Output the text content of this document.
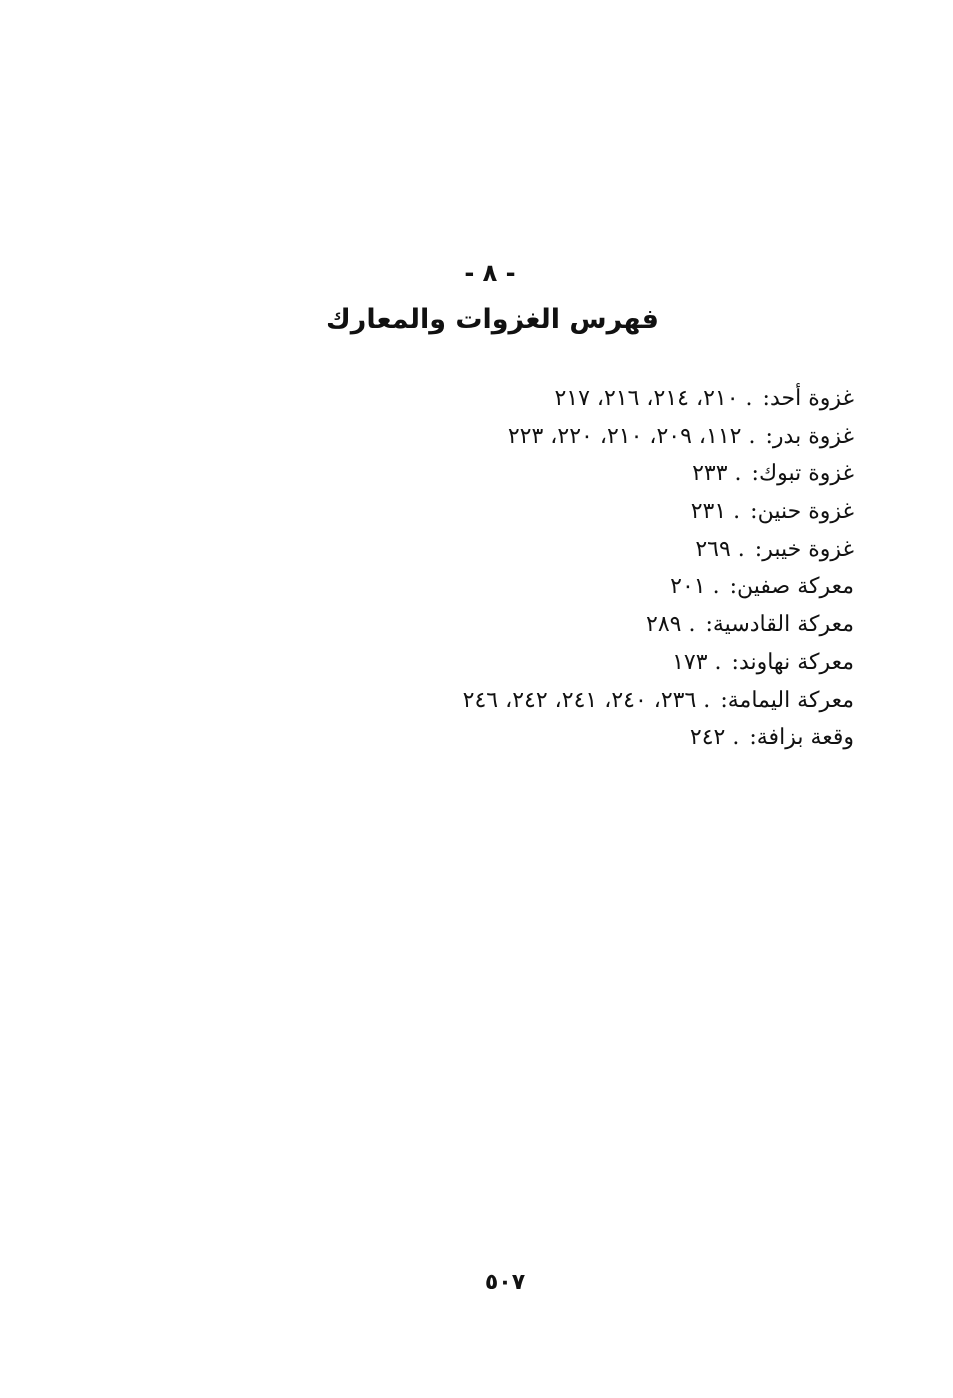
- ٨ -
فهرس الغزوات والمعارك
غزوة أحد:٢١٠، ٢١٤، ٢١٦، ٢١٧ .
غزوة بدر:١١٢، ٢٠٩، ٢١٠، ٢٢٠، ٢٢٣ .
غزوة تبوك:٢٣٣ .
غزوة حنين:٢٣١ .
غزوة خيبر:٢٦٩ .
معركة صفين:٢٠١ .
معركة القادسية:٢٨٩ .
معركة نهاوند:١٧٣ .
معركة اليمامة:٢٣٦، ٢٤٠، ٢٤١، ٢٤٢، ٢٤٦ .
وقعة بزافة:٢٤٢ .
٥٠٧
